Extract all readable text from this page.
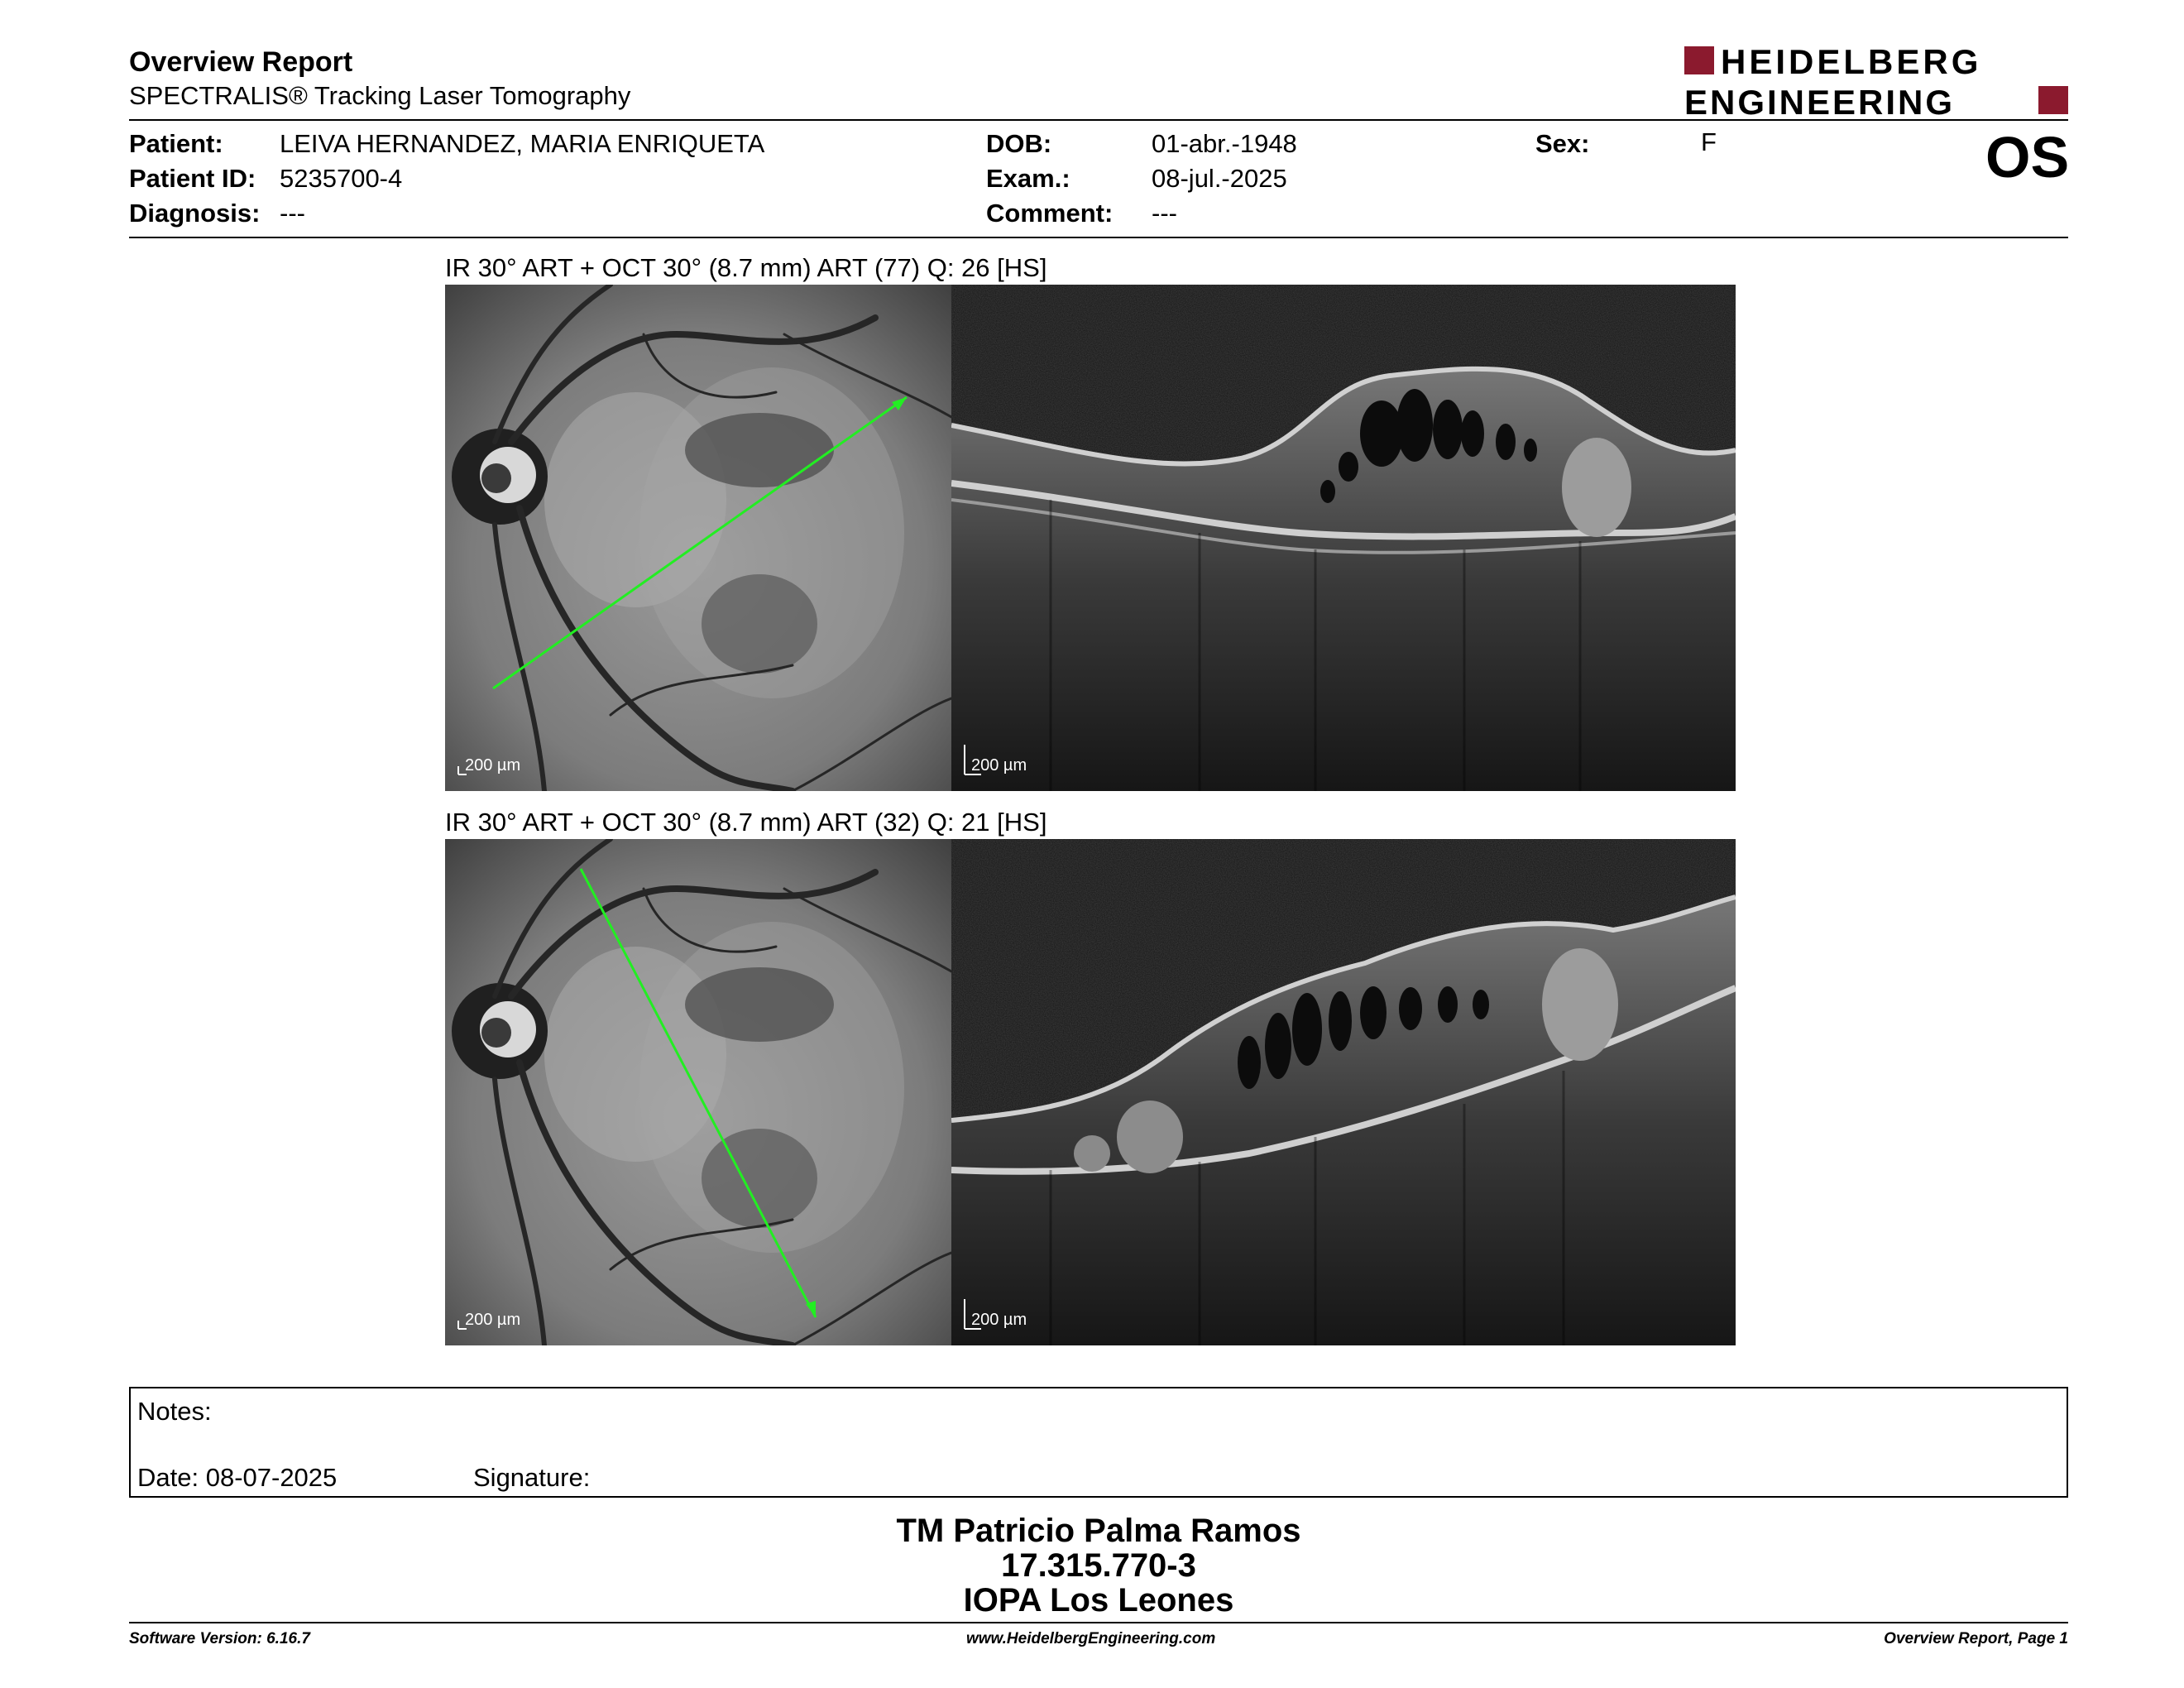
Overview Report
SPECTRALIS® Tracking Laser Tomography
HEIDELBERG
ENGINEERING
Patient: LEIVA HERNANDEZ, MARIA ENRIQUETA
Patient ID: 5235700-4
Diagnosis: ---
DOB:	01-abr.-1948
Exam.:	08-jul.-2025
Comment: ---
Sex:	F	OS
IR 30° ART + OCT 30° (8.7 mm) ART (77) Q: 26 [HS]
200 µm	200 µm
IR 30° ART + OCT 30° (8.7 mm) ART (32) Q: 21 [HS]
200 µm	200 µm
Notes:
Date: 08-07-2025	Signature:
TM Patricio Palma Ramos
17.315.770-3
IOPA Los Leones
Software Version: 6.16.7	www.HeidelbergEngineering.com	Overview Report, Page 1
